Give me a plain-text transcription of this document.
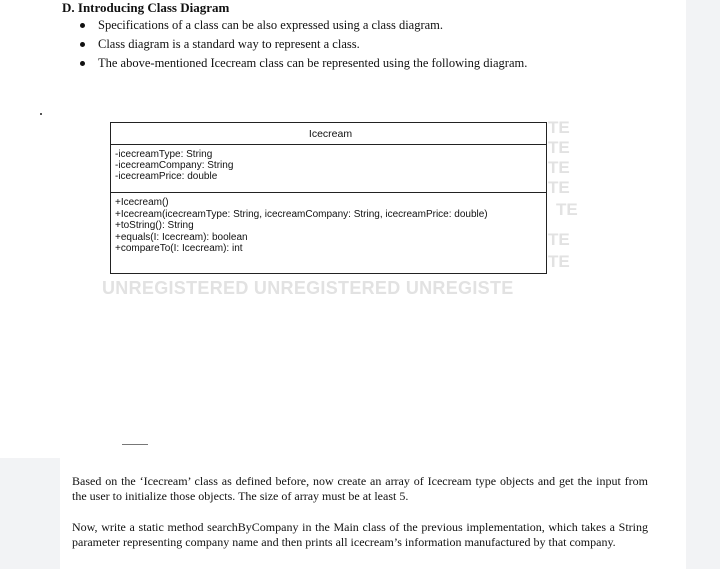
D. Introducing Class Diagram
Specifications of a class can be also expressed using a class diagram.
Class diagram is a standard way to represent a class.
The above-mentioned Icecream class can be represented using the following diagram.
TE
TE
TE
TE
TE
TE
TE
Icecream
-icecreamType: String
-icecreamCompany: String
-icecreamPrice: double
+Icecream()
+Icecream(icecreamType: String, icecreamCompany: String, icecreamPrice: double)
+toString(): String
+equals(I: Icecream): boolean
+compareTo(I: Icecream): int
UNREGISTERED UNREGISTERED UNREGISTE

Based on the ‘Icecream’ class as defined before, now create an array of Icecream type objects and get the input from the user to initialize those objects. The size of array must be at least 5.

Now, write a static method searchByCompany in the Main class of the previous implementation, which takes a String parameter representing company name and then prints all icecream’s information manufactured by that company.
